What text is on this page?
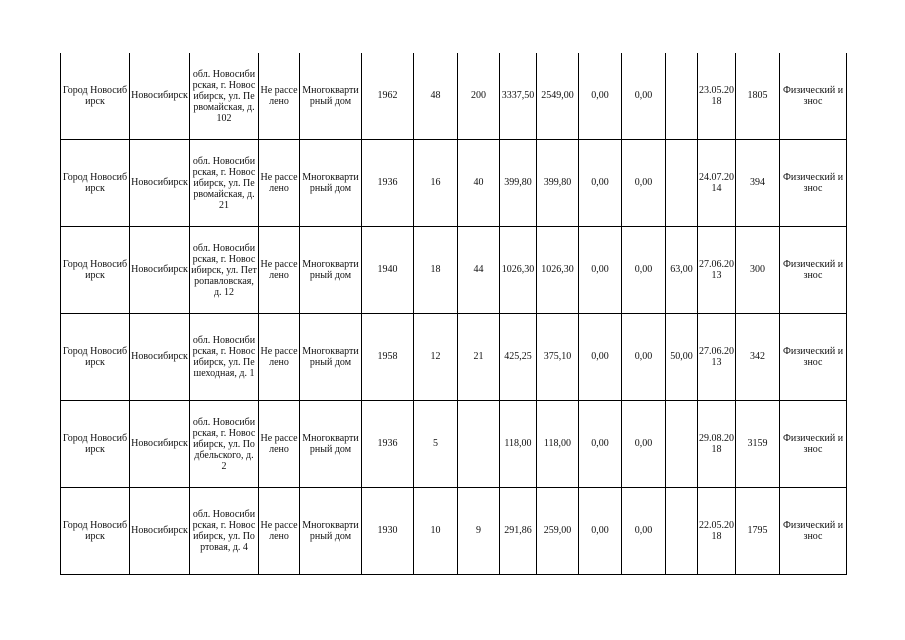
Город Новосибирск	Новосибирск	обл. Новосибирская, г. Новосибирск, ул. Первомайская, д. 102	Не расселено	Многоквартирный дом	1962	48	200	3337,50	2549,00	0,00	0,00		23.05.2018	1805	Физический износ
Город Новосибирск	Новосибирск	обл. Новосибирская, г. Новосибирск, ул. Первомайская, д. 21	Не расселено	Многоквартирный дом	1936	16	40	399,80	399,80	0,00	0,00		24.07.2014	394	Физический износ
Город Новосибирск	Новосибирск	обл. Новосибирская, г. Новосибирск, ул. Петропавловская, д. 12	Не расселено	Многоквартирный дом	1940	18	44	1026,30	1026,30	0,00	0,00	63,00	27.06.2013	300	Физический износ
Город Новосибирск	Новосибирск	обл. Новосибирская, г. Новосибирск, ул. Пешеходная, д. 1	Не расселено	Многоквартирный дом	1958	12	21	425,25	375,10	0,00	0,00	50,00	27.06.2013	342	Физический износ
Город Новосибирск	Новосибирск	обл. Новосибирская, г. Новосибирск, ул. Подбельского, д. 2	Не расселено	Многоквартирный дом	1936	5		118,00	118,00	0,00	0,00		29.08.2018	3159	Физический износ
Город Новосибирск	Новосибирск	обл. Новосибирская, г. Новосибирск, ул. Портовая, д. 4	Не расселено	Многоквартирный дом	1930	10	9	291,86	259,00	0,00	0,00		22.05.2018	1795	Физический износ
